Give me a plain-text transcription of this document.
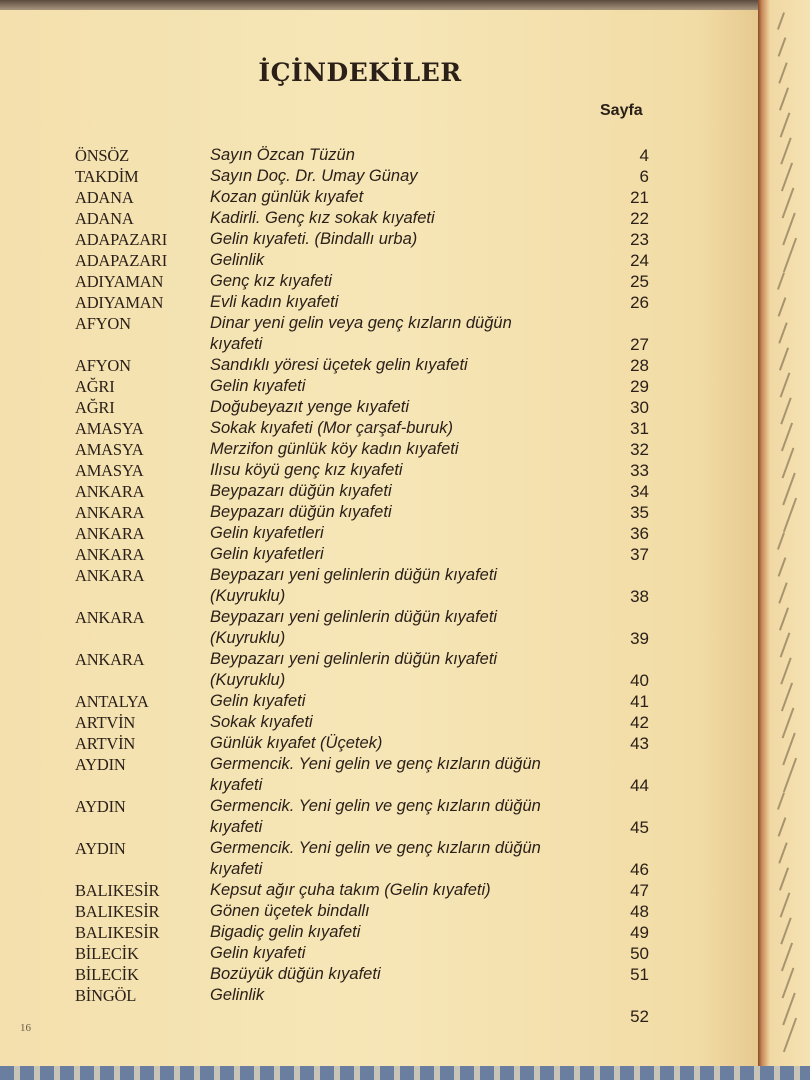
İÇİNDEKİLER
Sayfa
ÖNSÖZ	Sayın Özcan Tüzün	4
TAKDİM	Sayın Doç. Dr. Umay Günay	6
ADANA	Kozan günlük kıyafet	21
ADANA	Kadirli. Genç kız sokak kıyafeti	22
ADAPAZARI	Gelin kıyafeti. (Bindallı urba)	23
ADAPAZARI	Gelinlik	24
ADIYAMAN	Genç kız kıyafeti	25
ADIYAMAN	Evli kadın kıyafeti	26
AFYON	Dinar yeni gelin veya genç kızların düğün
kıyafeti	27
AFYON	Sandıklı yöresi üçetek gelin kıyafeti	28
AĞRI	Gelin kıyafeti	29
AĞRI	Doğubeyazıt yenge kıyafeti	30
AMASYA	Sokak kıyafeti (Mor çarşaf-buruk)	31
AMASYA	Merzifon günlük köy kadın kıyafeti	32
AMASYA	Ilısu köyü genç kız kıyafeti	33
ANKARA	Beypazarı düğün kıyafeti	34
ANKARA	Beypazarı düğün kıyafeti	35
ANKARA	Gelin kıyafetleri	36
ANKARA	Gelin kıyafetleri	37
ANKARA	Beypazarı yeni gelinlerin düğün kıyafeti
(Kuyruklu)	38
ANKARA	Beypazarı yeni gelinlerin düğün kıyafeti
(Kuyruklu)	39
ANKARA	Beypazarı yeni gelinlerin düğün kıyafeti
(Kuyruklu)	40
ANTALYA	Gelin kıyafeti	41
ARTVİN	Sokak kıyafeti	42
ARTVİN	Günlük kıyafet (Üçetek)	43
AYDIN	Germencik. Yeni gelin ve genç kızların düğün
kıyafeti	44
AYDIN	Germencik. Yeni gelin ve genç kızların düğün
kıyafeti	45
AYDIN	Germencik. Yeni gelin ve genç kızların düğün
kıyafeti	46
BALIKESİR	Kepsut ağır çuha takım (Gelin kıyafeti)	47
BALIKESİR	Gönen üçetek bindallı	48
BALIKESİR	Bigadiç gelin kıyafeti	49
BİLECİK	Gelin kıyafeti	50
BİLECİK	Bozüyük düğün kıyafeti	51
BİNGÖL	Gelinlik
52
16
